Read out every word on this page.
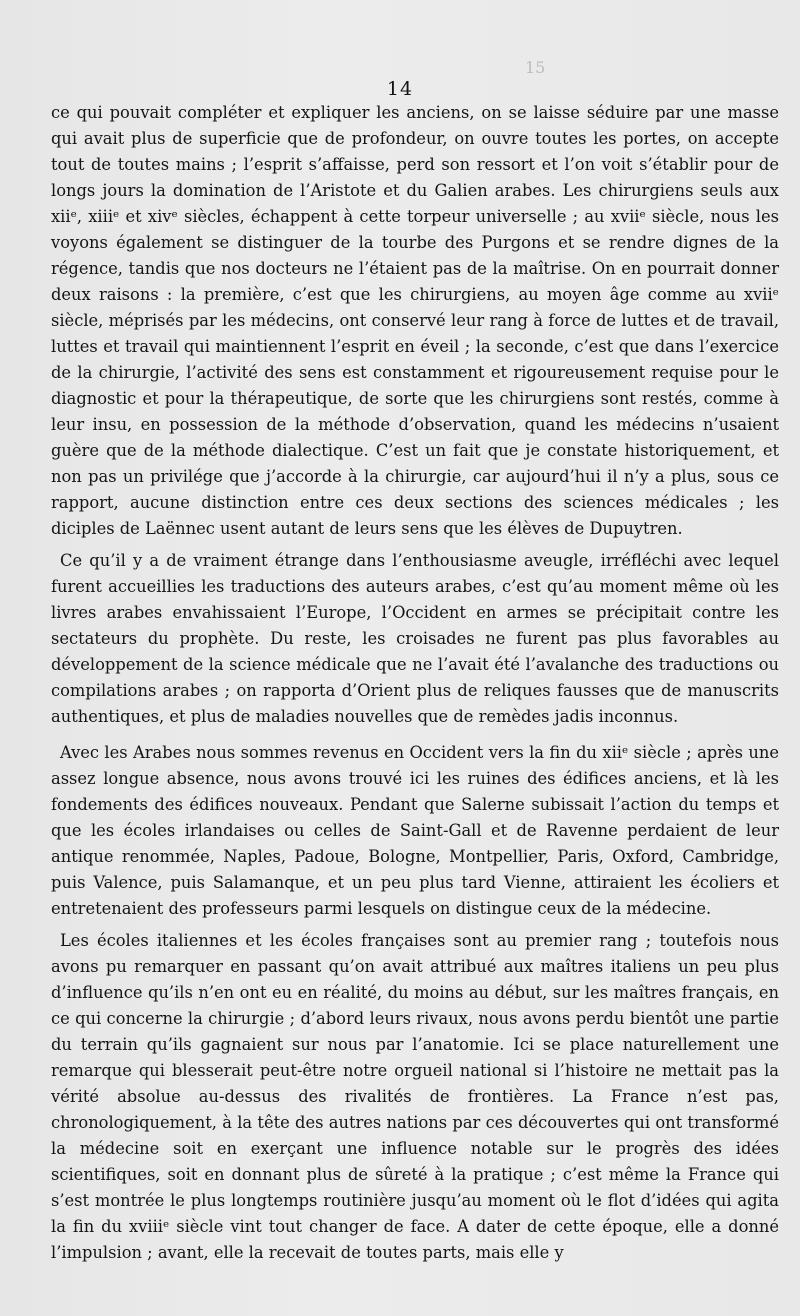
15
14

ce qui pouvait compléter et expliquer les anciens, on se laisse séduire par une masse qui avait plus de superficie que de profondeur, on ouvre toutes les portes, on accepte tout de toutes mains ; l’esprit s’affaisse, perd son ressort et l’on voit s’établir pour de longs jours la domination de l’Aristote et du Galien arabes. Les chirurgiens seuls aux xiiᵉ, xiiiᵉ et xivᵉ siècles, échappent à cette torpeur universelle ; au xviiᵉ siècle, nous les voyons également se distinguer de la tourbe des Purgons et se rendre dignes de la régence, tandis que nos docteurs ne l’étaient pas de la maîtrise. On en pourrait donner deux raisons : la première, c’est que les chirurgiens, au moyen âge comme au xviiᵉ siècle, méprisés par les médecins, ont conservé leur rang à force de luttes et de travail, luttes et travail qui maintiennent l’esprit en éveil ; la seconde, c’est que dans l’exercice de la chirurgie, l’activité des sens est constamment et rigoureusement requise pour le diagnostic et pour la thérapeutique, de sorte que les chirurgiens sont restés, comme à leur insu, en possession de la méthode d’observation, quand les médecins n’usaient guère que de la méthode dialectique. C’est un fait que je constate historiquement, et non pas un privilége que j’accorde à la chirurgie, car aujourd’hui il n’y a plus, sous ce rapport, aucune distinction entre ces deux sections des sciences médicales ; les diciples de Laënnec usent autant de leurs sens que les élèves de Dupuytren.

Ce qu’il y a de vraiment étrange dans l’enthousiasme aveugle, irréfléchi avec lequel furent accueillies les traductions des auteurs arabes, c’est qu’au moment même où les livres arabes envahissaient l’Europe, l’Occident en armes se précipitait contre les sectateurs du prophète. Du reste, les croisades ne furent pas plus favorables au développement de la science médicale que ne l’avait été l’avalanche des traductions ou compilations arabes ; on rapporta d’Orient plus de reliques fausses que de manuscrits authentiques, et plus de maladies nouvelles que de remèdes jadis inconnus.

Avec les Arabes nous sommes revenus en Occident vers la fin du xiiᵉ siècle ; après une assez longue absence, nous avons trouvé ici les ruines des édifices anciens, et là les fondements des édifices nouveaux. Pendant que Salerne subissait l’action du temps et que les écoles irlandaises ou celles de Saint-Gall et de Ravenne perdaient de leur antique renommée, Naples, Padoue, Bologne, Montpellier, Paris, Oxford, Cambridge, puis Valence, puis Salamanque, et un peu plus tard Vienne, attiraient les écoliers et entretenaient des professeurs parmi lesquels on distingue ceux de la médecine.

Les écoles italiennes et les écoles françaises sont au premier rang ; toutefois nous avons pu remarquer en passant qu’on avait attribué aux maîtres italiens un peu plus d’influence qu’ils n’en ont eu en réalité, du moins au début, sur les maîtres français, en ce qui concerne la chirurgie ; d’abord leurs rivaux, nous avons perdu bientôt une partie du terrain qu’ils gagnaient sur nous par l’anatomie. Ici se place naturellement une remarque qui blesserait peut-être notre orgueil national si l’histoire ne mettait pas la vérité absolue au-dessus des rivalités de frontières. La France n’est pas, chronologiquement, à la tête des autres nations par ces découvertes qui ont transformé la médecine soit en exerçant une influence notable sur le progrès des idées scientifiques, soit en donnant plus de sûreté à la pratique ; c’est même la France qui s’est montrée le plus longtemps routinière jusqu’au moment où le flot d’idées qui agita la fin du xviiiᵉ siècle vint tout changer de face. A dater de cette époque, elle a donné l’impulsion ; avant, elle la recevait de toutes parts, mais elle y
